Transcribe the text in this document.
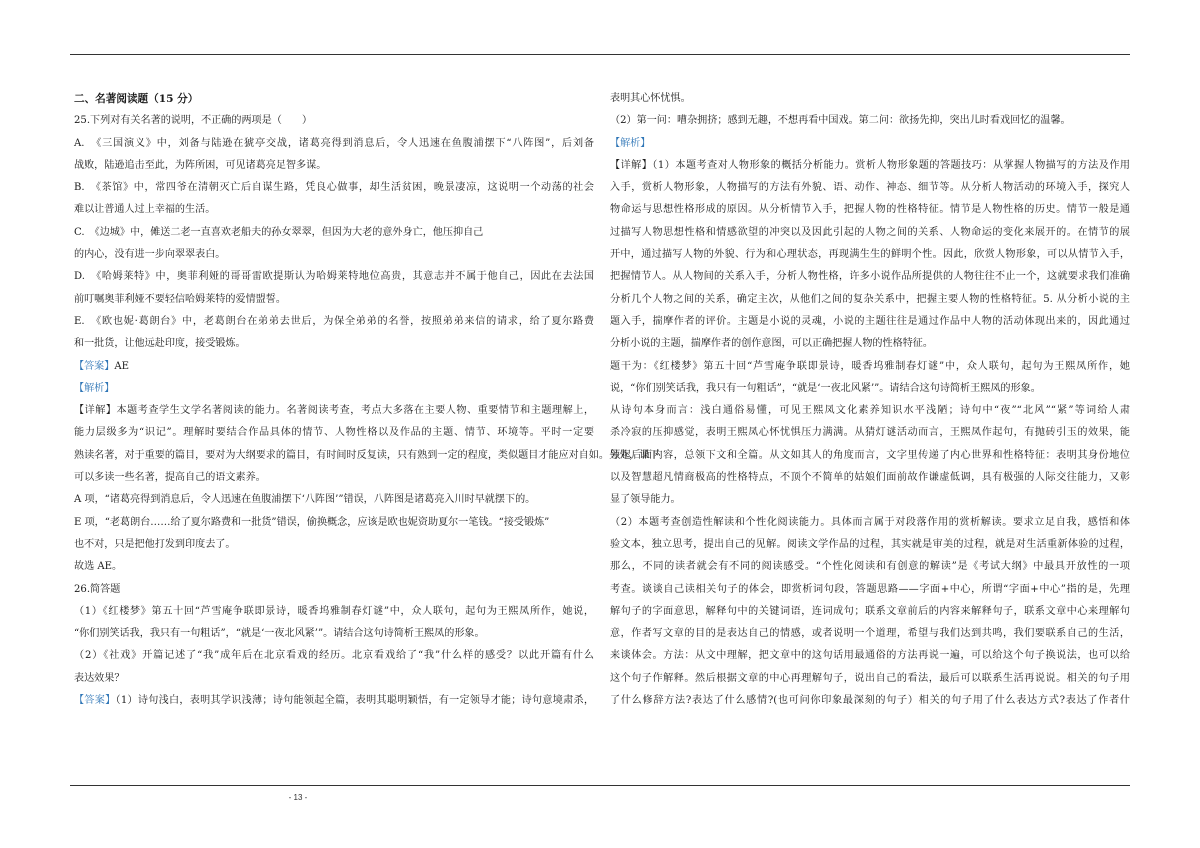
二、名著阅读题（15 分）
25.下列对有关名著的说明，不正确的两项是（　　）
A.　《三国演义》中，刘备与陆逊在猇亭交战，诸葛亮得到消息后，令人迅速在鱼腹浦摆下“八阵图”，后刘备
战败，陆逊追击至此，为阵所困，可见诸葛亮足智多谋。
B.　《茶馆》中，常四爷在清朝灭亡后自谋生路，凭良心做事，却生活贫困，晚景凄凉，这说明一个动荡的社会
难以让普通人过上幸福的生活。
C.　《边城》中，傩送二老一直喜欢老船夫的孙女翠翠，但因为大老的意外身亡，他压抑自己
的内心，没有进一步向翠翠表白。
D.　《哈姆莱特》中，奥菲利娅的哥哥雷欧提斯认为哈姆莱特地位高贵，其意志并不属于他自己，因此在去法国
前叮嘱奥菲利娅不要轻信哈姆莱特的爱情盟誓。
E.　《欧也妮·葛朗台》中，老葛朗台在弟弟去世后，为保全弟弟的名誉，按照弟弟来信的请求，给了夏尔路费
和一批货，让他远赴印度，接受锻炼。
【答案】AE
【解析】
【详解】本题考查学生文学名著阅读的能力。名著阅读考查，考点大多落在主要人物、重要情节和主题理解上，
能力层级多为“识记”。理解时要结合作品具体的情节、人物性格以及作品的主题、情节、环境等。平时一定要
熟读名著，对于重要的篇目，要对为大纲要求的篇目，有时间时反复读，只有熟到一定的程度，类似题目才能应对自如。另外，课下
可以多读一些名著，提高自己的语文素养。
A 项，“诸葛亮得到消息后，令人迅速在鱼腹浦摆下‘八阵图’”错误，八阵图是诸葛亮入川时早就摆下的。
E 项，“老葛朗台……给了夏尔路费和一批货”错误，偷换概念，应该是欧也妮资助夏尔一笔钱。“接受锻炼”
也不对，只是把他打发到印度去了。
故选 AE。
26.简答题
（1）《红楼梦》第五十回“芦雪庵争联即景诗，暖香坞雅制春灯谜”中，众人联句，起句为王熙凤所作，她说，
“你们别笑话我，我只有一句粗话”，“就是‘一夜北风紧’”。请结合这句诗简析王熙凤的形象。
（2）《社戏》开篇记述了“我”成年后在北京看戏的经历。北京看戏给了“我”什么样的感受？以此开篇有什么
表达效果？
【答案】（1）诗句浅白，表明其学识浅薄；诗句能领起全篇，表明其聪明颖悟，有一定领导才能；诗句意境肃杀，
表明其心怀忧惧。
（2）第一问：嘈杂拥挤；感到无趣，不想再看中国戏。第二问：欲扬先抑，突出儿时看戏回忆的温馨。
【解析】
【详解】（1）本题考查对人物形象的概括分析能力。赏析人物形象题的答题技巧：从掌握人物描写的方法及作用
入手，赏析人物形象，人物描写的方法有外貌、语、动作、神态、细节等。从分析人物活动的环境入手，探究人
物命运与思想性格形成的原因。从分析情节入手，把握人物的性格特征。情节是人物性格的历史。情节一般是通
过描写人物思想性格和情感欲望的冲突以及因此引起的人物之间的关系、人物命运的变化来展开的。在情节的展
开中，通过描写人物的外貌、行为和心理状态，再现满生生的鲜明个性。因此，欣赏人物形象，可以从情节入手，
把握情节人。从人物间的关系入手，分析人物性格，许多小说作品所提供的人物往往不止一个，这就要求我们准确
分析几个人物之间的关系，确定主次，从他们之间的复杂关系中，把握主要人物的性格特征。5. 从分析小说的主
题入手，揣摩作者的评价。主题是小说的灵魂，小说的主题往往是通过作品中人物的活动体现出来的，因此通过
分析小说的主题，揣摩作者的创作意图，可以正确把握人物的性格特征。
题干为：《红楼梦》第五十回“芦雪庵争联即景诗，暖香坞雅制春灯谜”中，众人联句，起句为王熙凤所作，她
说，“你们别笑话我，我只有一句粗话”，“就是‘一夜北风紧’”。请结合这句诗简析王熙凤的形象。
从诗句本身而言：浅白通俗易懂，可见王熙凤文化素养知识水平浅陋；诗句中“夜”“北风”“紧”等词给人肃
杀冷寂的压抑感觉，表明王熙凤心怀忧惧压力满满。从猜灯谜活动而言，王熙凤作起句，有抛砖引玉的效果，能
领起后面内容，总领下文和全篇。从文如其人的角度而言，文字里传递了内心世界和性格特征：表明其身份地位
以及智慧超凡情商极高的性格特点，不顶个不简单的姑娘们面前故作谦虚低调，具有极强的人际交往能力，又彰
显了领导能力。
（2）本题考查创造性解读和个性化阅读能力。具体而言属于对段落作用的赏析解读。要求立足自我，感悟和体
验文本，独立思考，提出自己的见解。阅读文学作品的过程，其实就是审美的过程，就是对生活重新体验的过程，
那么，不同的读者就会有不同的阅读感受。“个性化阅读和有创意的解读”是《考试大纲》中最具开放性的一项
考查。谈谈自己读相关句子的体会，即赏析词句段，答题思路——字面+中心，所谓“字面+中心”指的是，先理
解句子的字面意思，解释句中的关键词语，连词成句；联系文章前后的内容来解释句子，联系文章中心来理解句
意，作者写文章的目的是表达自己的情感，或者说明一个道理，希望与我们达到共鸣，我们要联系自己的生活，
来谈体会。方法：从文中理解，把文章中的这句话用最通俗的方法再说一遍，可以给这个句子换说法，也可以给
这个句子作解释。然后根据文章的中心再理解句子，说出自己的看法，最后可以联系生活再说说。相关的句子用
了什么修辞方法?表达了什么感情?(也可问你印象最深刻的句子）相关的句子用了什么表达方式?表达了作者什
- 13 -
